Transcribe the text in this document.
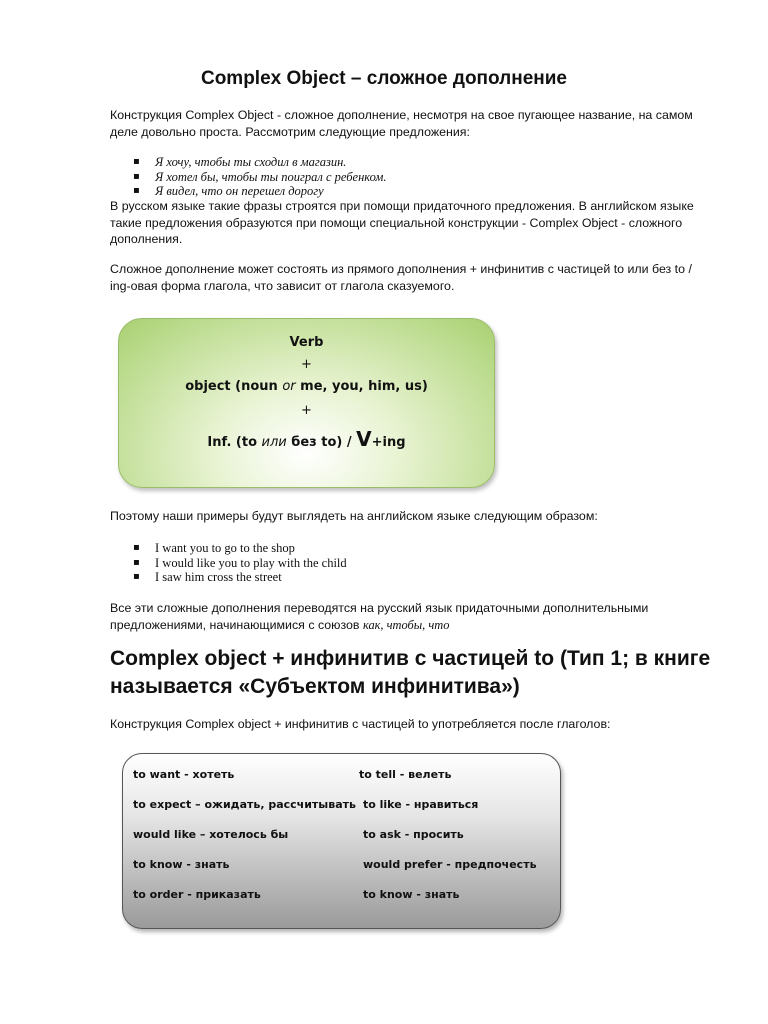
Complex Object – сложное дополнение
Конструкция Complex Object - сложное дополнение, несмотря на свое пугающее название, на самом деле довольно проста. Рассмотрим следующие предложения:
▪ Я хочу, чтобы ты сходил в магазин.
▪ Я хотел бы, чтобы ты поиграл с ребенком.
▪ Я видел, что он перешел дорогу
В русском языке такие фразы строятся при помощи придаточного предложения. В английском языке такие предложения образуются при помощи специальной конструкции - Complex Object - сложного дополнения.
Сложное дополнение может состоять из прямого дополнения + инфинитив с частицей to или без to / ing-овая форма глагола, что зависит от глагола сказуемого.
Verb
+
object (noun or me, you, him, us)
+
Inf. (to или без to) / V+ing
Поэтому наши примеры будут выглядеть на английском языке следующим образом:
▪ I want you to go to the shop
▪ I would like you to play with the child
▪ I saw him cross the street
Все эти сложные дополнения переводятся на русский язык придаточными дополнительными предложениями, начинающимися с союзов как, чтобы, что
Complex object + инфинитив с частицей to (Тип 1; в книге называется «Субъектом инфинитива»)
Конструкция Complex object + инфинитив с частицей to употребляется после глаголов:
to want - хотеть
to expect – ожидать, рассчитывать
would like – хотелось бы
to know - знать
to order - приказать
to tell - велеть
to like - нравиться
to ask - просить
would prefer - предпочесть
to know - знать
